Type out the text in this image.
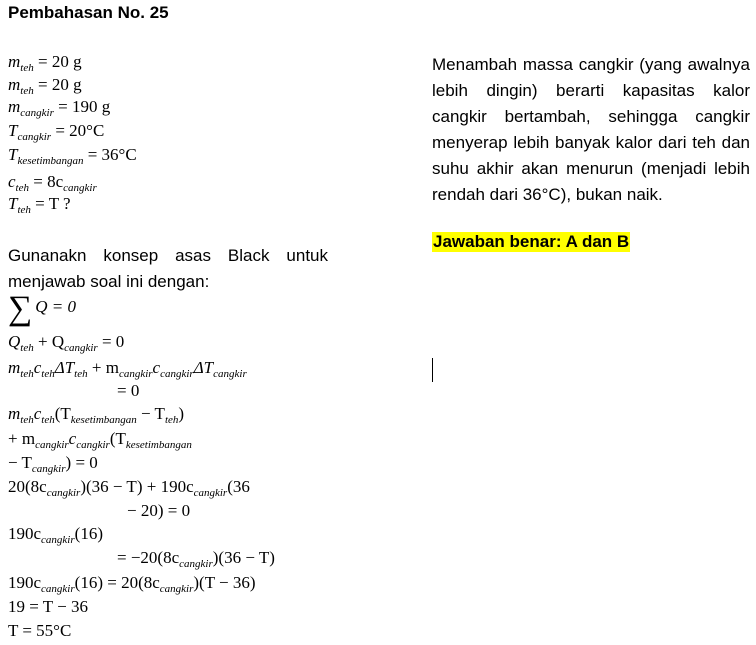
Pembahasan No. 25
$m_{teh} = 20$ g
$m_{teh} = 20$ g
$m_{cangkir} = 190$ g
$T_{cangkir} = 20^\circ C$
$T_{kesetimbangan} = 36^\circ C$
$c_{teh} = 8c_{cangkir}$
$T_{teh} = T$ ?
Gunanakn konsep asas Black untuk menjawab soal ini dengan:
∑ Q = 0
$Q_{teh} + Q_{cangkir} = 0$
$m_{teh}c_{teh}\Delta T_{teh} + m_{cangkir}c_{cangkir}\Delta T_{cangkir}$
= 0
$m_{teh}c_{teh}(T_{kesetimbangan} - T_{teh})$
+ $m_{cangkir}c_{cangkir}(T_{kesetimbangan}$
− $T_{cangkir}) = 0$
$20(8c_{cangkir})(36 - T) + 190c_{cangkir}(36$
− 20) = 0
$190c_{cangkir}(16)$
= $-20(8c_{cangkir})(36 - T)$
$190c_{cangkir}(16) = 20(8c_{cangkir})(T - 36)$
19 = T − 36
T = 55°C
Menambah massa cangkir (yang awalnya lebih dingin) berarti kapasitas kalor cangkir bertambah, sehingga cangkir menyerap lebih banyak kalor dari teh dan suhu akhir akan menurun (menjadi lebih rendah dari 36°C), bukan naik.
Jawaban benar: A dan B
